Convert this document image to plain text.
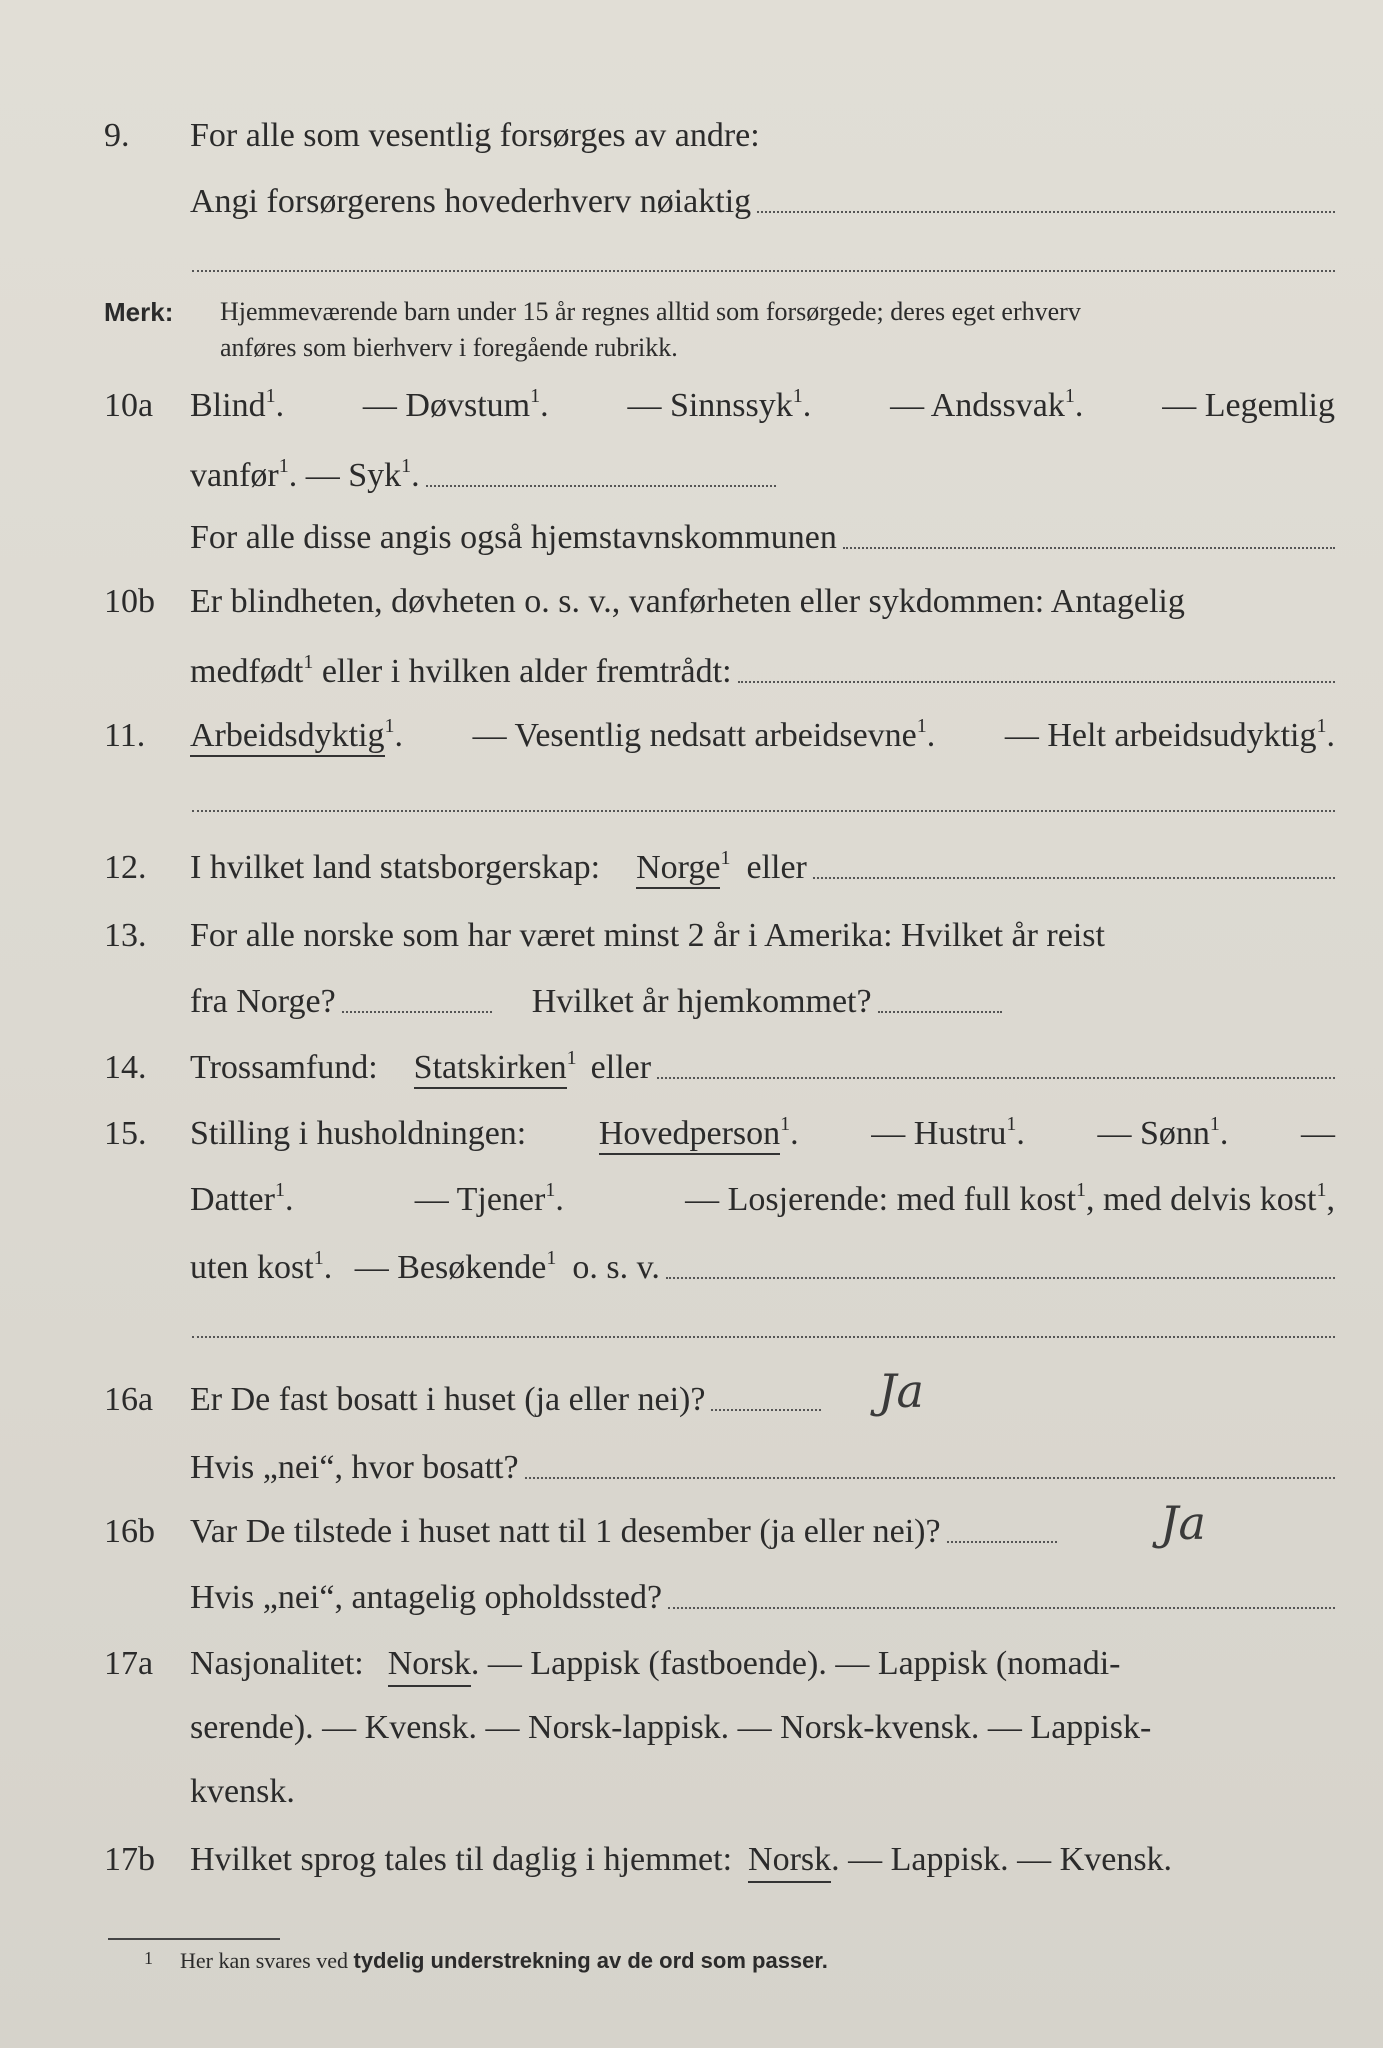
9. For alle som vesentlig forsørges av andre:
Angi forsørgerens hovederhverv nøiaktig
Merk: Hjemmeværende barn under 15 år regnes alltid som forsørgede; deres eget erhverv
anføres som bierhverv i foregående rubrikk.
10a Blind$^1$. — Døvstum$^1$. — Sinnssyk$^1$. — Andssvak$^1$. — Legemlig
vanfør$^1$. — Syk$^1$.
For alle disse angis også hjemstavnskommunen
10b Er blindheten, døvheten o. s. v., vanførheten eller sykdommen: Antagelig
medfødt$^1$ eller i hvilken alder fremtrådt:
11. Arbeidsdyktig$^1$. — Vesentlig nedsatt arbeidsevne$^1$. — Helt arbeidsudyktig$^1$.
12. I hvilket land statsborgerskap: Norge$^1$ eller
13. For alle norske som har været minst 2 år i Amerika: Hvilket år reist
fra Norge?	Hvilket år hjemkommet?
14. Trossamfund: Statskirken$^1$ eller
15. Stilling i husholdningen: Hovedperson$^1$. — Hustru$^1$. — Sønn$^1$. —
Datter$^1$.	— Tjener$^1$.	— Losjerende: med full kost$^1$, med delvis kost$^1$,
uten kost$^1$. — Besøkende$^1$ o. s. v.
16a Er De fast bosatt i huset (ja eller nei)?	Ja
Hvis „nei“, hvor bosatt?
16b Var De tilstede i huset natt til 1 desember (ja eller nei)?	Ja
Hvis „nei“, antagelig opholdssted?
17a Nasjonalitet: Norsk . — Lappisk (fastboende). — Lappisk (nomadi-
serende). — Kvensk. — Norsk-lappisk. — Norsk-kvensk. — Lappisk-
kvensk.
17b Hvilket sprog tales til daglig i hjemmet: Norsk . — Lappisk. — Kvensk.
1 Her kan svares ved tydelig understrekning av de ord som passer.
